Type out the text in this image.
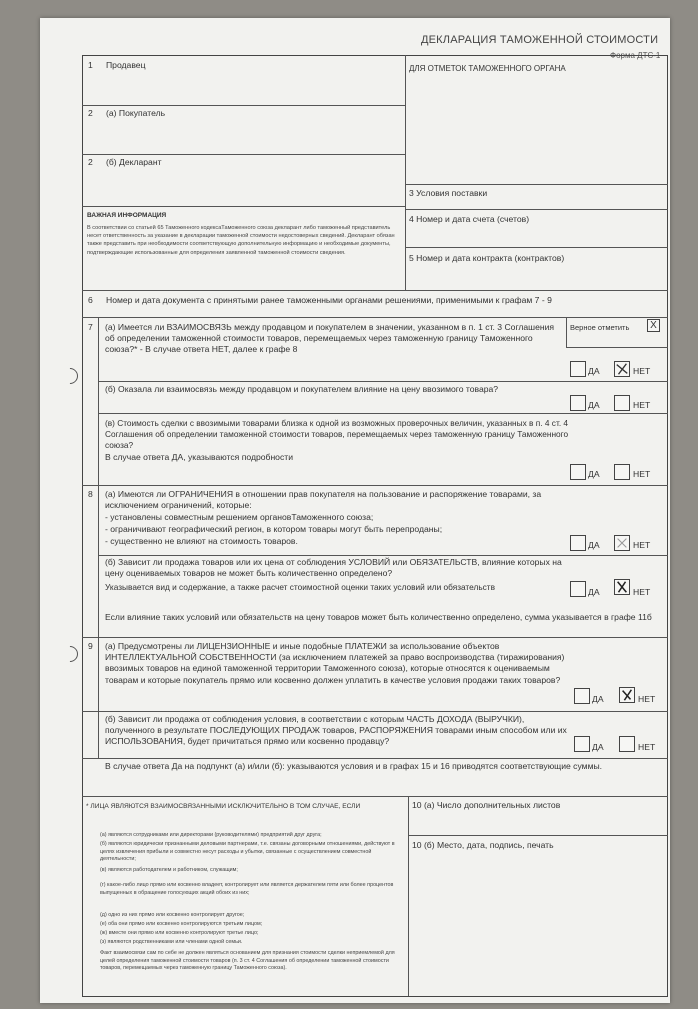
ДЕКЛАРАЦИЯ ТАМОЖЕННОЙ СТОИМОСТИ
Форма ДТС-1
1 Продавец
2 (а) Покупатель
2 (б) Декларант
ДЛЯ ОТМЕТОК ТАМОЖЕННОГО ОРГАНА
3 Условия поставки
4 Номер и дата счета (счетов)
5 Номер и дата контракта (контрактов)
ВАЖНАЯ ИНФОРМАЦИЯ
В соответствии со статьей 65 Таможенного кодексаТаможенного союза декларант либо таможенный представитель несет ответственность за указание в декларации таможенной стоимости недостоверных сведений. Декларант обязан также представить при необходимости соответствующую дополнительную информацию и необходимые документы, подтверждающие использованные для определения заявленной таможенной стоимости сведения.
6 Номер и дата документа с принятыми ранее таможенными органами решениями, применимыми к графам 7 - 9
7 (а) Имеется ли ВЗАИМОСВЯЗЬ между продавцом и покупателем в значении, указанном в п. 1 ст. 3 Соглашения об определении таможенной стоимости товаров, перемещаемых через таможенную границу Таможенного союза?* - В случае ответа НЕТ, далее к графе 8
Верное отметить	X
ДА	НЕТ
(б) Оказала ли взаимосвязь между продавцом и покупателем влияние на цену ввозимого товара?
ДА	НЕТ
(в) Стоимость сделки с ввозимыми товарами близка к одной из возможных проверочных величин, указанных в п. 4 ст. 4 Соглашения об определении таможенной стоимости товаров, перемещаемых через таможенную границу Таможенного союза?
В случае ответа ДА, указываются подробности
ДА	НЕТ
8 (а) Имеются ли ОГРАНИЧЕНИЯ в отношении прав покупателя на пользование и распоряжение товарами, за исключением ограничений, которые:
- установлены совместным решением органовТаможенного союза;
- ограничивают географический регион, в котором товары могут быть перепроданы;
- существенно не влияют на стоимость товаров.	ДА	НЕТ
(б) Зависит ли продажа товаров или их цена от соблюдения УСЛОВИЙ или ОБЯЗАТЕЛЬСТВ, влияние которых на цену оцениваемых товаров не может быть количественно определено?
Указывается вид и содержание, а также расчет стоимостной оценки таких условий или обязательств	ДА	НЕТ
Если влияние таких условий или обязательств на цену товаров может быть количественно определено, сумма указывается в графе 11б
9 (а) Предусмотрены ли ЛИЦЕНЗИОННЫЕ и иные подобные ПЛАТЕЖИ за использование объектов ИНТЕЛЛЕКТУАЛЬНОЙ СОБСТВЕННОСТИ (за исключением платежей за право воспроизводства (тиражирования) ввозимых товаров на единой таможенной территории Таможенного союза), которые относятся к оцениваемым товарам и которые покупатель прямо или косвенно должен уплатить в качестве условия продажи таких товаров?
ДА	НЕТ
(б) Зависит ли продажа от соблюдения условия, в соответствии с которым ЧАСТЬ ДОХОДА (ВЫРУЧКИ), полученного в результате ПОСЛЕДУЮЩИХ ПРОДАЖ товаров, РАСПОРЯЖЕНИЯ товарами иным способом или их ИСПОЛЬЗОВАНИЯ, будет причитаться прямо или косвенно продавцу?
ДА	НЕТ
В случае ответа Да на подпункт (а) и/или (б): указываются условия и в графах 15 и 16 приводятся соответствующие суммы.
* ЛИЦА ЯВЛЯЮТСЯ ВЗАИМОСВЯЗАННЫМИ ИСКЛЮЧИТЕЛЬНО В ТОМ СЛУЧАЕ, ЕСЛИ
(а) являются сотрудниками или директорами (руководителями) предприятий друг друга;
(б) являются юридически признанными деловыми партнерами, т.е. связаны договорными отношениями, действуют в целях извлечения прибыли и совместно несут расходы и убытки, связанные с осуществлением совместной деятельности;
(в) являются работодателем и работником, служащим;
(г) какое-либо лицо прямо или косвенно владеет, контролирует или является держателем пяти или более процентов выпущенных в обращение голосующих акций обоих из них;
(д) одно из них прямо или косвенно контролирует другое;
(е) оба они прямо или косвенно контролируются третьим лицом;
(ж) вместе они прямо или косвенно контролируют третье лицо;
(з) являются родственниками или членами одной семьи.
Факт взаимосвязи сам по себе не должен являться основанием для признания стоимости сделки неприемлемой для целей определения таможенной стоимости товаров (п. 3 ст. 4 Соглашения об определении таможенной стоимости товаров, перемещаемых через таможенную границу Таможенного союза).
10 (а) Число дополнительных листов
10 (б) Место, дата, подпись, печать
